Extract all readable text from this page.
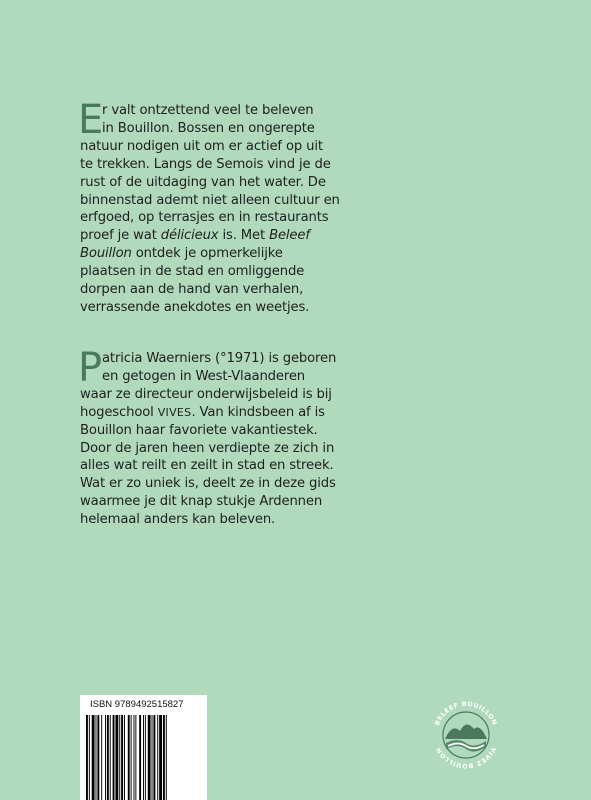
E
r valt ontzettend veel te beleven
in Bouillon. Bossen en ongerepte
natuur nodigen uit om er actief op uit
te trekken. Langs de Semois vind je de
rust of de uitdaging van het water. De
binnenstad ademt niet alleen cultuur en
erfgoed, op terrasjes en in restaurants
proef je wat délicieux is. Met Beleef
Bouillon ontdek je opmerkelijke
plaatsen in de stad en omliggende
dorpen aan de hand van verhalen,
verrassende anekdotes en weetjes.
P atricia Waerniers (°1971) is geboren
en getogen in West-Vlaanderen
waar ze directeur onderwijsbeleid is bij
hogeschool VIVES. Van kindsbeen af is
Bouillon haar favoriete vakantiestek.
Door de jaren heen verdiepte ze zich in
alles wat reilt en zeilt in stad en streek.
Wat er zo uniek is, deelt ze in deze gids
waarmee je dit knap stukje Ardennen
helemaal anders kan beleven.
ISBN 9789492515827
BELEEF BOUILLON
VIVEZ BOUILLON
